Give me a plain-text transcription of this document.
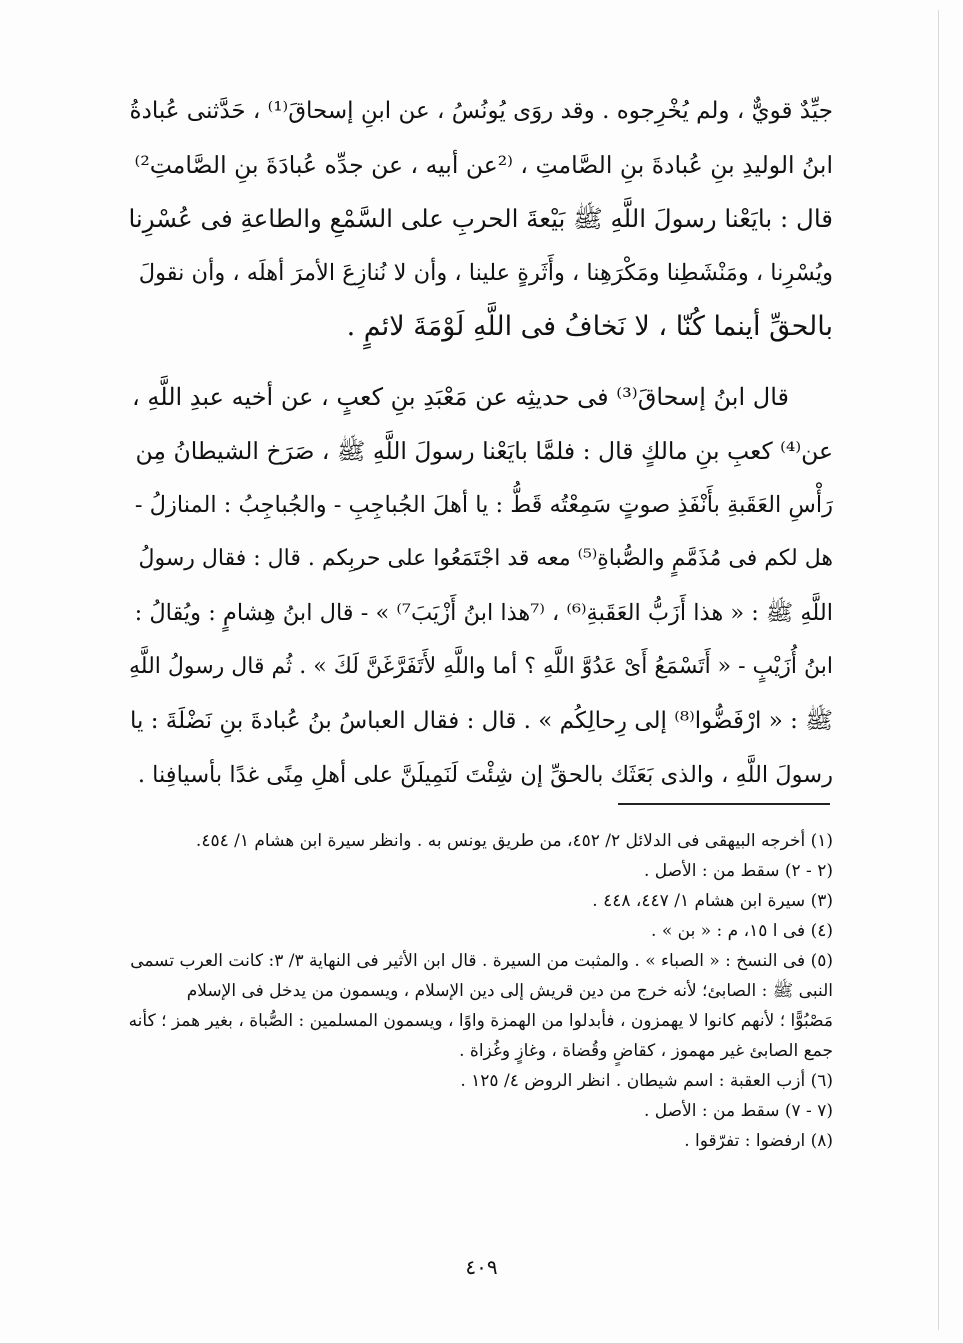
جيِّدٌ قويٌّ ، ولم يُخْرِجوه . وقد روَى يُونُسُ ، عن ابنِ إسحاقَ⁽¹⁾ ، حَدَّثنى عُبادةُ
ابنُ الوليدِ بنِ عُبادةَ بنِ الصَّامتِ ، ⁽²عن أبيه ، عن جدِّه عُبادَةَ بنِ الصَّامتِ²⁾
قال : بايَعْنا رسولَ اللَّهِ ﷺ بَيْعةَ الحربِ على السَّمْعِ والطاعةِ فى عُسْرِنا
ويُسْرِنا ، ومَنْشَطِنا ومَكْرَهِنا ، وأَثَرةٍ علينا ، وأن لا نُنازِعَ الأمرَ أهلَه ، وأن نقولَ
بالحقِّ أينما كُنّا ، لا نَخافُ فى اللَّهِ لَوْمَةَ لائمٍ .
قال ابنُ إسحاقَ⁽³⁾ فى حديثِه عن مَعْبَدِ بنِ كعبٍ ، عن أخيه عبدِ اللَّهِ ،
عن⁽⁴⁾ كعبِ بنِ مالكٍ قال : فلمَّا بايَعْنا رسولَ اللَّهِ ﷺ ، صَرَخ الشيطانُ مِن
رَأْسِ العَقَبةِ بأَنْفَذِ صوتٍ سَمِعْتُه قَطُّ : يا أهلَ الجُباجِبِ - والجُباجِبُ : المنازلُ -
هل لكم فى مُذَمَّمٍ والصُّباةِ⁽⁵⁾ معه قد اجْتَمَعُوا على حربِكم . قال : فقال رسولُ
اللَّهِ ﷺ : « هذا أَزَبُّ العَقَبةِ⁽⁶⁾ ، ⁽⁷هذا ابنُ أَزْيَبَ⁷⁾ » - قال ابنُ هِشامٍ : ويُقالُ :
ابنُ أُزَيْبٍ - « أَتَسْمَعُ أَىْ عَدُوَّ اللَّهِ ؟ أما واللَّهِ لأَتَفَرَّغَنَّ لَكَ » . ثُم قال رسولُ اللَّهِ
ﷺ : « ارْفَضُّوا⁽⁸⁾ إلى رِحالِكُم » . قال : فقال العباسُ بنُ عُبادةَ بنِ نَضْلَةَ : يا
رسولَ اللَّهِ ، والذى بَعَثَك بالحقِّ إن شِئْتَ لَنَمِيلَنَّ على أهلِ مِنًى غدًا بأسيافِنا .
(١) أخرجه البيهقى فى الدلائل ٢/ ٤٥٢، من طريق يونس به . وانظر سيرة ابن هشام ١/ ٤٥٤.
(٢ - ٢) سقط من : الأصل .
(٣) سيرة ابن هشام ١/ ٤٤٧، ٤٤٨ .
(٤) فى ا ١٥، م : « بن » .
(٥) فى النسخ : « الصباء » . والمثبت من السيرة . قال ابن الأثير فى النهاية ٣/ ٣: كانت العرب تسمى
النبى ﷺ : الصابئ؛ لأنه خرج من دين قريش إلى دين الإسلام ، ويسمون من يدخل فى الإسلام
مَصْبُوًّا ؛ لأنهم كانوا لا يهمزون ، فأبدلوا من الهمزة واوًا ، ويسمون المسلمين : الصُّباة ، بغير همز ؛ كأنه
جمع الصابئ غير مهموز ، كقاضٍ وقُضاة ، وغازٍ وغُزاة .
(٦) أزب العقبة : اسم شيطان . انظر الروض ٤/ ١٢٥ .
(٧ - ٧) سقط من : الأصل .
(٨) ارفضوا : تفرّقوا .
٤٠٩
